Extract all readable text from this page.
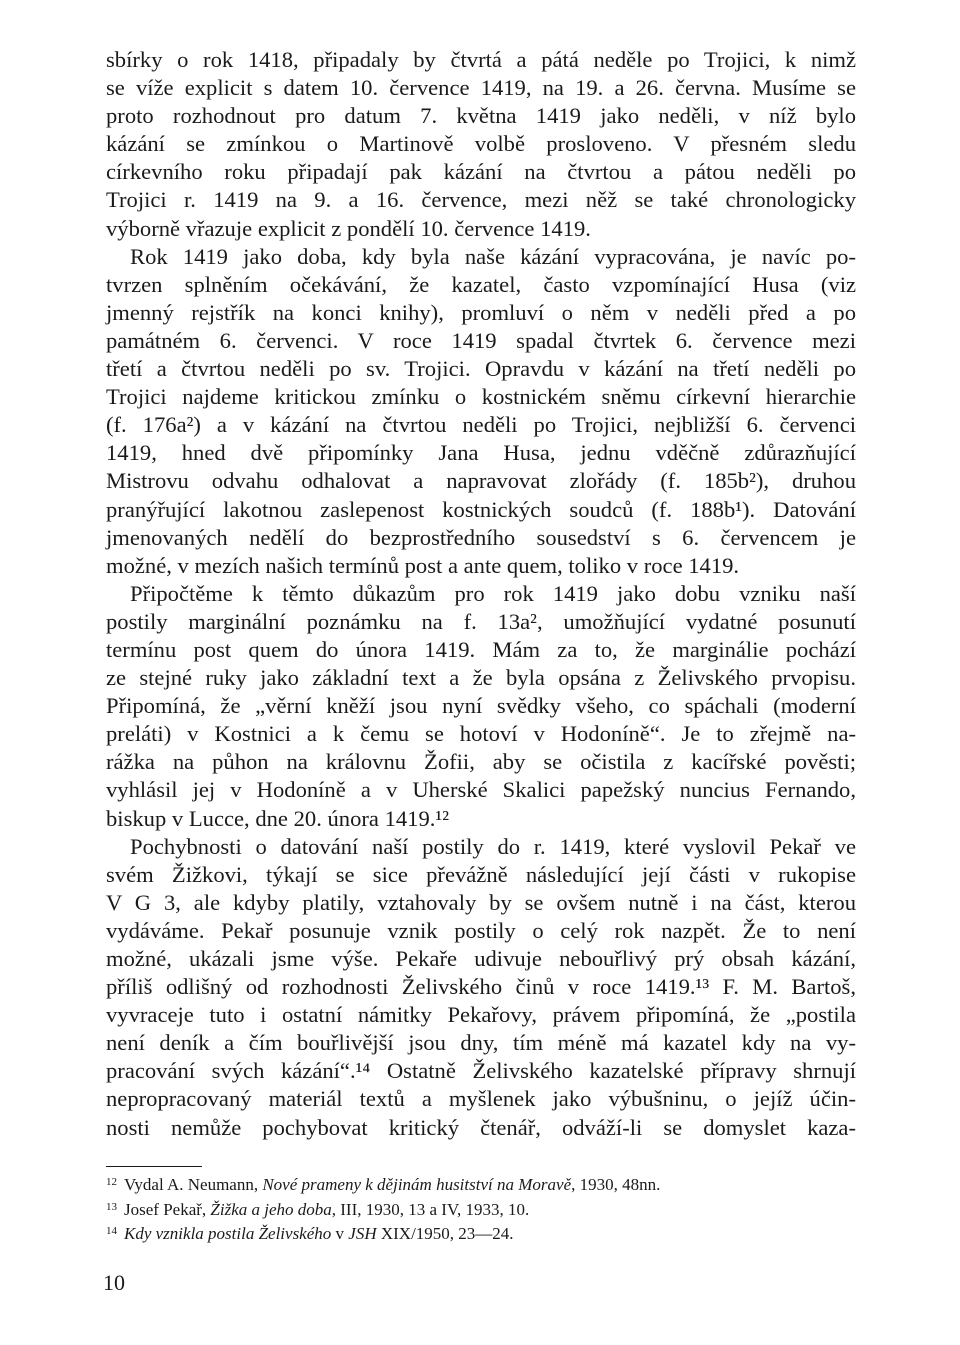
sbírky o rok 1418, připadaly by čtvrtá a pátá neděle po Trojici, k nimž
se víže explicit s datem 10. července 1419, na 19. a 26. června. Musíme se
proto rozhodnout pro datum 7. května 1419 jako neděli, v níž bylo
kázání se zmínkou o Martinově volbě prosloveno. V přesném sledu
církevního roku připadají pak kázání na čtvrtou a pátou neděli po
Trojici r. 1419 na 9. a 16. července, mezi něž se také chronologicky
výborně vřazuje explicit z pondělí 10. července 1419.
Rok 1419 jako doba, kdy byla naše kázání vypracována, je navíc po-
tvrzen splněním očekávání, že kazatel, často vzpomínající Husa (viz
jmenný rejstřík na konci knihy), promluví o něm v neděli před a po
památném 6. červenci. V roce 1419 spadal čtvrtek 6. července mezi
třetí a čtvrtou neděli po sv. Trojici. Opravdu v kázání na třetí neděli po
Trojici najdeme kritickou zmínku o kostnickém sněmu církevní hierarchie
(f. 176a²) a v kázání na čtvrtou neděli po Trojici, nejbližší 6. červenci
1419, hned dvě připomínky Jana Husa, jednu vděčně zdůrazňující
Mistrovu odvahu odhalovat a napravovat zlořády (f. 185b²), druhou
pranýřující lakotnou zaslepenost kostnických soudců (f. 188b¹). Datování
jmenovaných nedělí do bezprostředního sousedství s 6. červencem je
možné, v mezích našich termínů post a ante quem, toliko v roce 1419.
Připočtěme k těmto důkazům pro rok 1419 jako dobu vzniku naší
postily marginální poznámku na f. 13a², umožňující vydatné posunutí
termínu post quem do února 1419. Mám za to, že marginálie pochází
ze stejné ruky jako základní text a že byla opsána z Želivského prvopisu.
Připomíná, že „věrní kněží jsou nyní svědky všeho, co spáchali (moderní
preláti) v Kostnici a k čemu se hotoví v Hodoníně“. Je to zřejmě na-
rážka na půhon na královnu Žofii, aby se očistila z kacířské pověsti;
vyhlásil jej v Hodoníně a v Uherské Skalici papežský nuncius Fernando,
biskup v Lucce, dne 20. února 1419.¹²
Pochybnosti o datování naší postily do r. 1419, které vyslovil Pekař ve
svém Žižkovi, týkají se sice převážně následující její části v rukopise
V G 3, ale kdyby platily, vztahovaly by se ovšem nutně i na část, kterou
vydáváme. Pekař posunuje vznik postily o celý rok nazpět. Že to není
možné, ukázali jsme výše. Pekaře udivuje nebouřlivý prý obsah kázání,
příliš odlišný od rozhodnosti Želivského činů v roce 1419.¹³ F. M. Bartoš,
vyvraceje tuto i ostatní námitky Pekařovy, právem připomíná, že „postila
není deník a čím bouřlivější jsou dny, tím méně má kazatel kdy na vy-
pracování svých kázání“.¹⁴ Ostatně Želivského kazatelské přípravy shrnují
nepropracovaný materiál textů a myšlenek jako výbušninu, o jejíž účin-
nosti nemůže pochybovat kritický čtenář, odváží-li se domyslet kaza-
12 Vydal A. Neumann, Nové prameny k dějinám husitství na Moravě, 1930, 48nn.
13 Josef Pekař, Žižka a jeho doba, III, 1930, 13 a IV, 1933, 10.
14 Kdy vznikla postila Želivského v JSH XIX/1950, 23—24.
10
